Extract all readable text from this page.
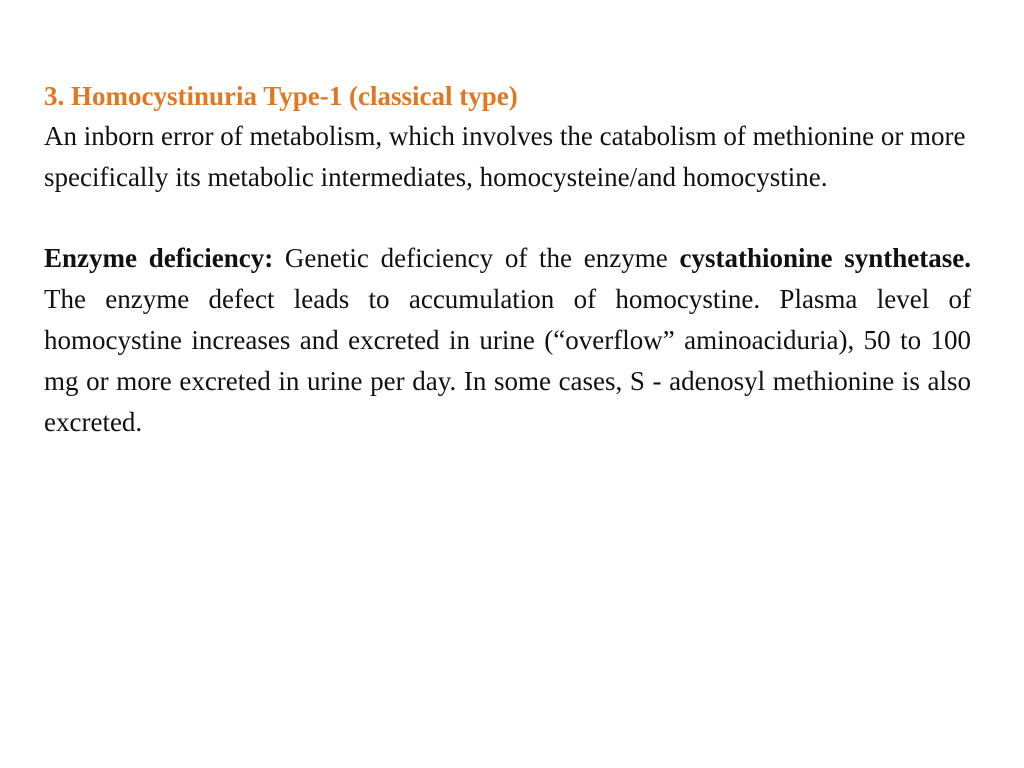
3. Homocystinuria Type-1 (classical type)

An inborn error of metabolism, which involves the catabolism of methionine or more specifically its metabolic intermediates, homocysteine/and homocystine.

Enzyme deficiency: Genetic deficiency of the enzyme cystathionine synthetase. The enzyme defect leads to accumulation of homocystine. Plasma level of homocystine increases and excreted in urine (“overflow” aminoaciduria), 50 to 100 mg or more excreted in urine per day. In some cases, S - adenosyl methionine is also excreted.
